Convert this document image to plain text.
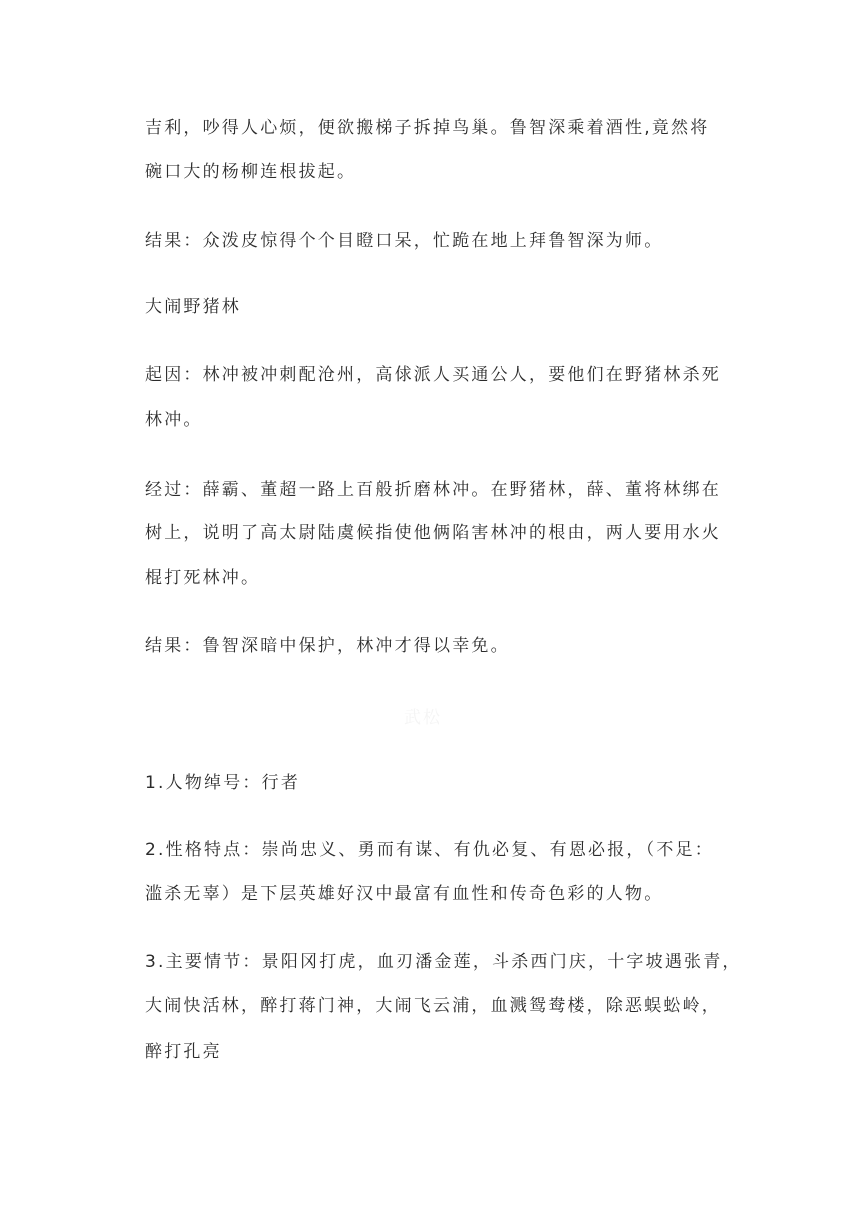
吉利，吵得人心烦，便欲搬梯子拆掉鸟巢。鲁智深乘着酒性,竟然将
碗口大的杨柳连根拔起。
结果：众泼皮惊得个个目瞪口呆，忙跪在地上拜鲁智深为师。
大闹野猪林
起因：林冲被冲刺配沧州，高俅派人买通公人，要他们在野猪林杀死
林冲。
经过：薛霸、董超一路上百般折磨林冲。在野猪林，薛、董将林绑在
树上，说明了高太尉陆虞候指使他俩陷害林冲的根由，两人要用水火
棍打死林冲。
结果：鲁智深暗中保护，林冲才得以幸免。
武松
1.人物绰号：行者
2.性格特点：崇尚忠义、勇而有谋、有仇必复、有恩必报，（不足：
滥杀无辜）是下层英雄好汉中最富有血性和传奇色彩的人物。
3.主要情节：景阳冈打虎，血刃潘金莲，斗杀西门庆，十字坡遇张青，
大闹快活林，醉打蒋门神，大闹飞云浦，血溅鸳鸯楼，除恶蜈蚣岭，
醉打孔亮
